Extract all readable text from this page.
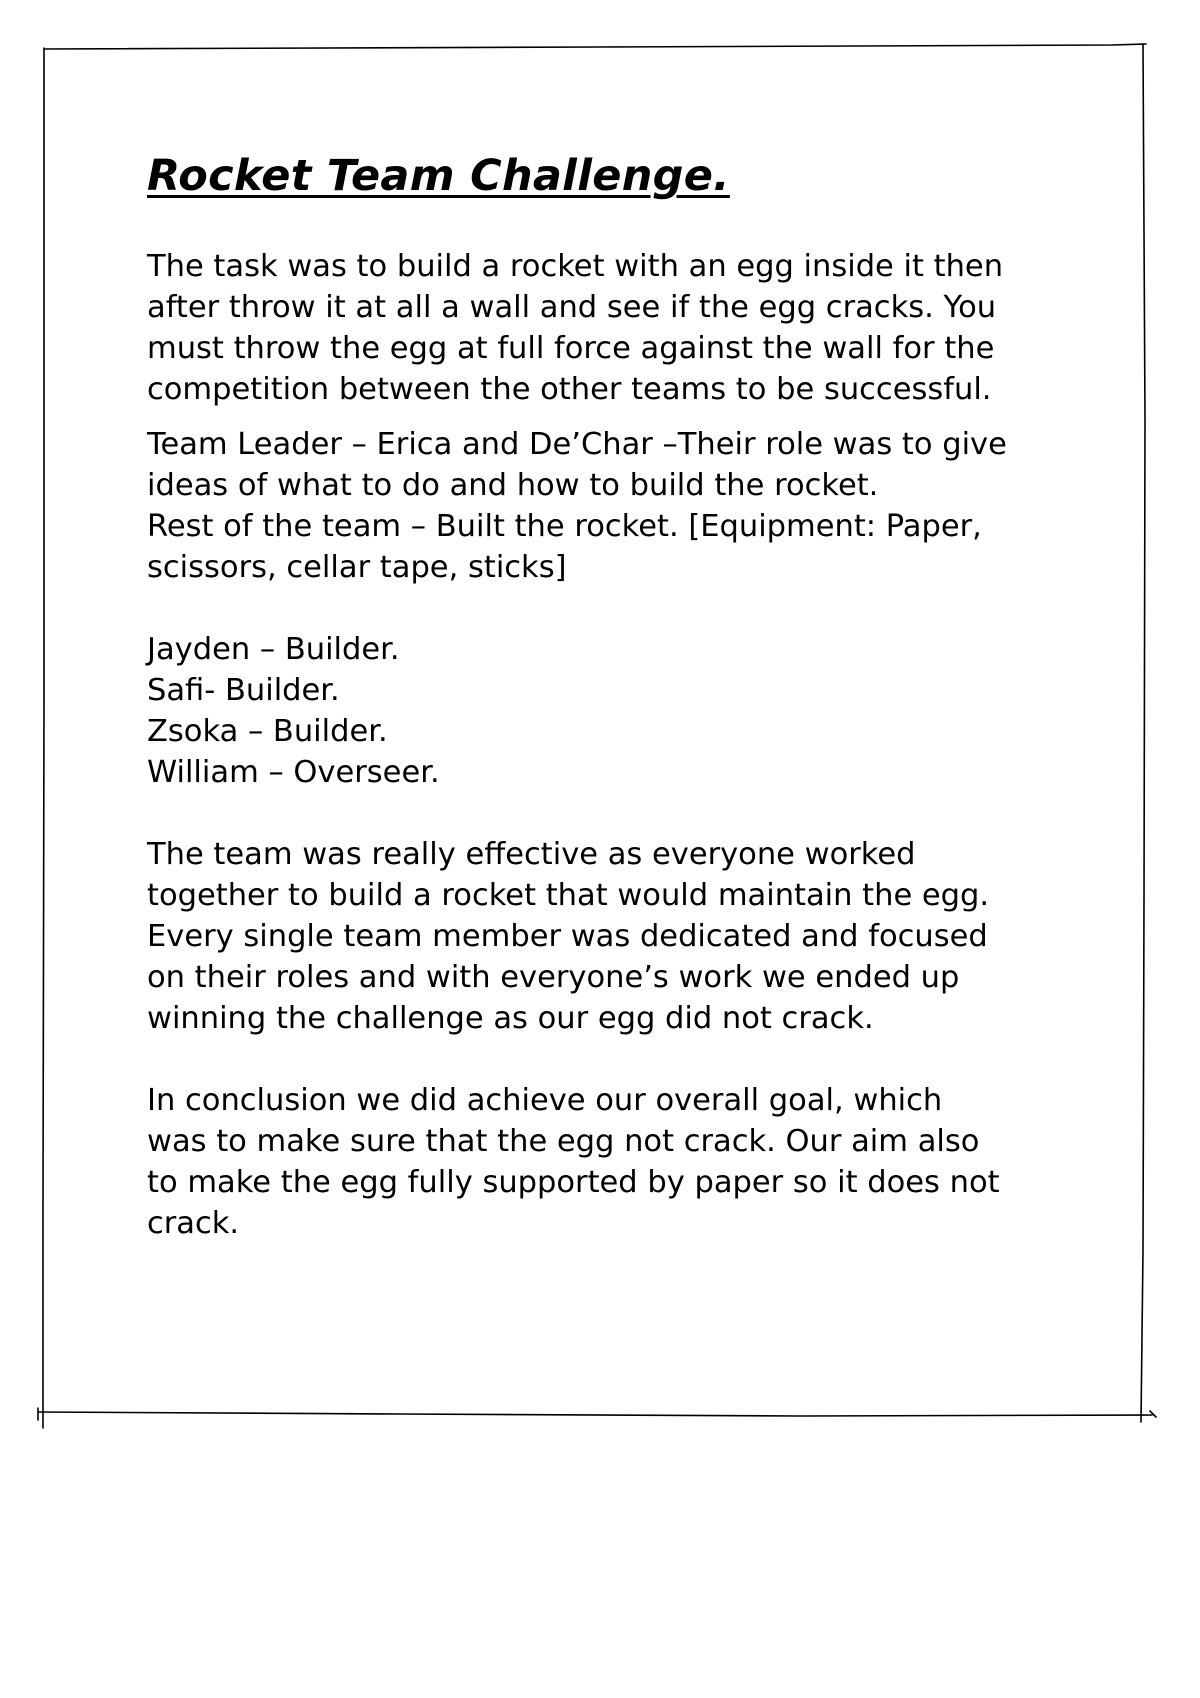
Rocket Team Challenge.

The task was to build a rocket with an egg inside it then
after throw it at all a wall and see if the egg cracks. You
must throw the egg at full force against the wall for the
competition between the other teams to be successful.

Team Leader – Erica and De’Char –Their role was to give
ideas of what to do and how to build the rocket.

Rest of the team – Built the rocket. [Equipment: Paper,
scissors, cellar tape, sticks]

Jayden – Builder.
Safi- Builder.
Zsoka – Builder.
William – Overseer.

The team was really effective as everyone worked
together to build a rocket that would maintain the egg.
Every single team member was dedicated and focused
on their roles and with everyone’s work we ended up
winning the challenge as our egg did not crack.

In conclusion we did achieve our overall goal, which
was to make sure that the egg not crack. Our aim also
to make the egg fully supported by paper so it does not
crack.
